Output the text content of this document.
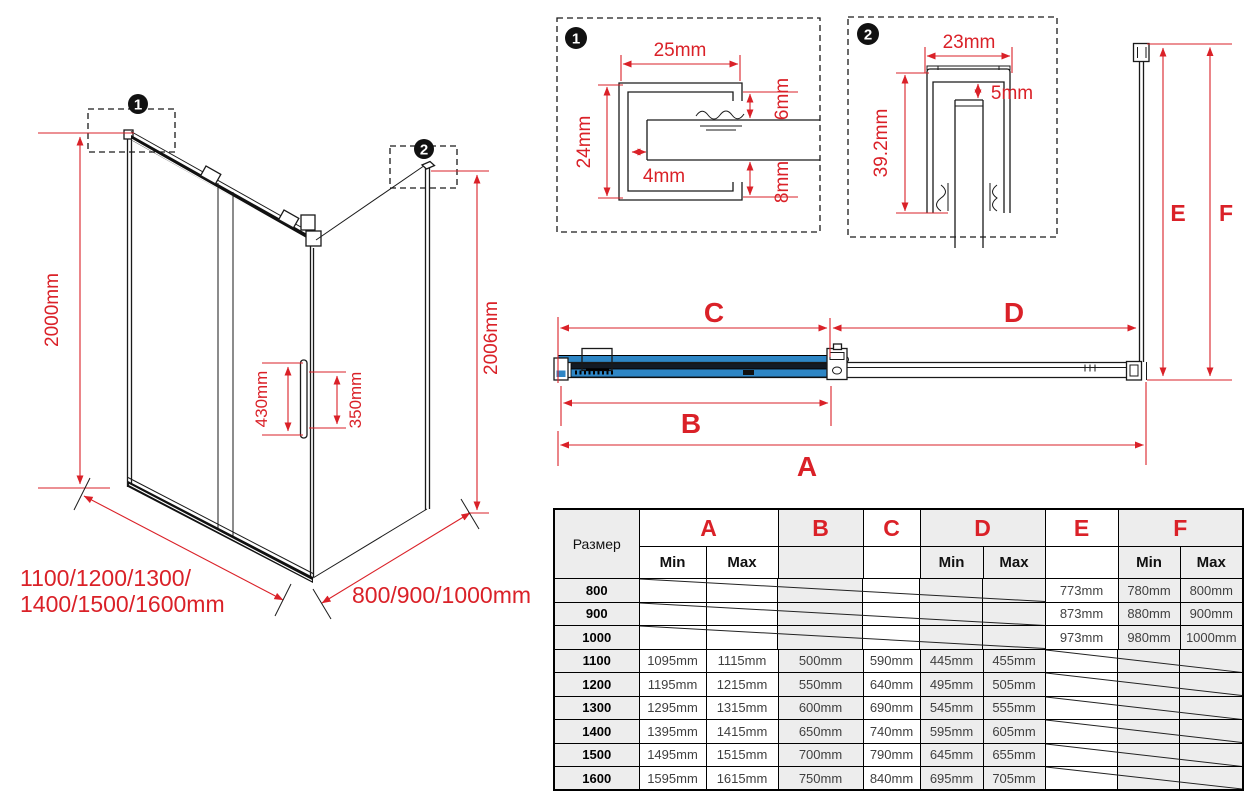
1
2
2000mm	2006mm
430mm	350mm
1100/1200/1300/
1400/1500/1600mm	800/900/1000mm
1
25mm
24mm
4mm
6mm
8mm
2	23mm
5mm
39.2mm
C	D
B
A
E F
Размер	A		B	C	D		E	F	
	Min	Max			Min	Max		Min	Max
800							773mm	780mm	800mm
900							873mm	880mm	900mm
1000							973mm	980mm	1000mm
1100	1095mm	1115mm	500mm	590mm	445mm	455mm	

1200	1195mm	1215mm	550mm	640mm	495mm	505mm	

1300	1295mm	1315mm	600mm	690mm	545mm	555mm	

1400	1395mm	1415mm	650mm	740mm	595mm	605mm	

1500	1495mm	1515mm	700mm	790mm	645mm	655mm	

1600	1595mm	1615mm	750mm	840mm	695mm	705mm	
